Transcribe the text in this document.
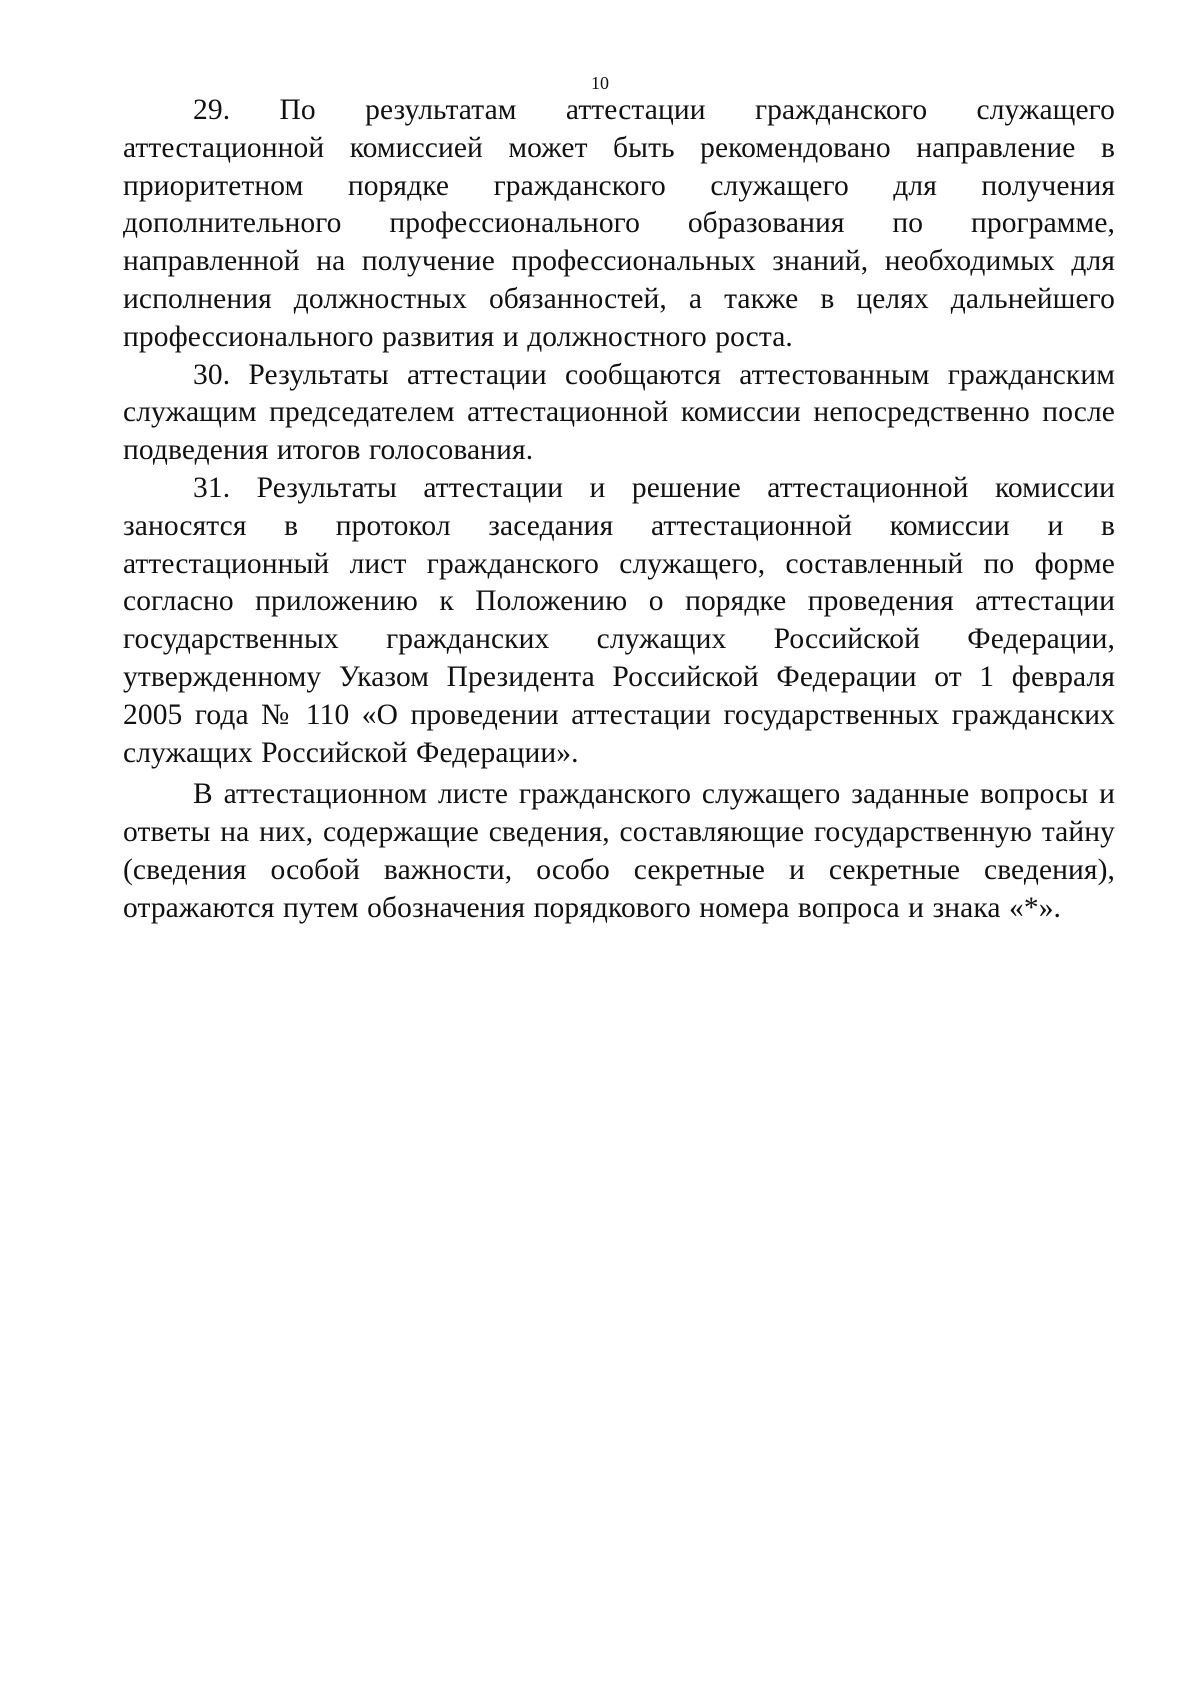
10

29. По результатам аттестации гражданского служащего аттестационной комиссией может быть рекомендовано направление в приоритетном порядке гражданского служащего для получения дополнительного профессионального образования по программе, направленной на получение профессиональных знаний, необходимых для исполнения должностных обязанностей, а также в целях дальнейшего профессионального развития и должностного роста.

30. Результаты аттестации сообщаются аттестованным гражданским служащим председателем аттестационной комиссии непосредственно после подведения итогов голосования.

31. Результаты аттестации и решение аттестационной комиссии заносятся в протокол заседания аттестационной комиссии и в аттестационный лист гражданского служащего, составленный по форме согласно приложению к Положению о порядке проведения аттестации государственных гражданских служащих Российской Федерации, утвержденному Указом Президента Российской Федерации от 1 февраля 2005 года № 110 «О проведении аттестации государственных гражданских служащих Российской Федерации».

В аттестационном листе гражданского служащего заданные вопросы и ответы на них, содержащие сведения, составляющие государственную тайну (сведения особой важности, особо секретные и секретные сведения), отражаются путем обозначения порядкового номера вопроса и знака «*».
